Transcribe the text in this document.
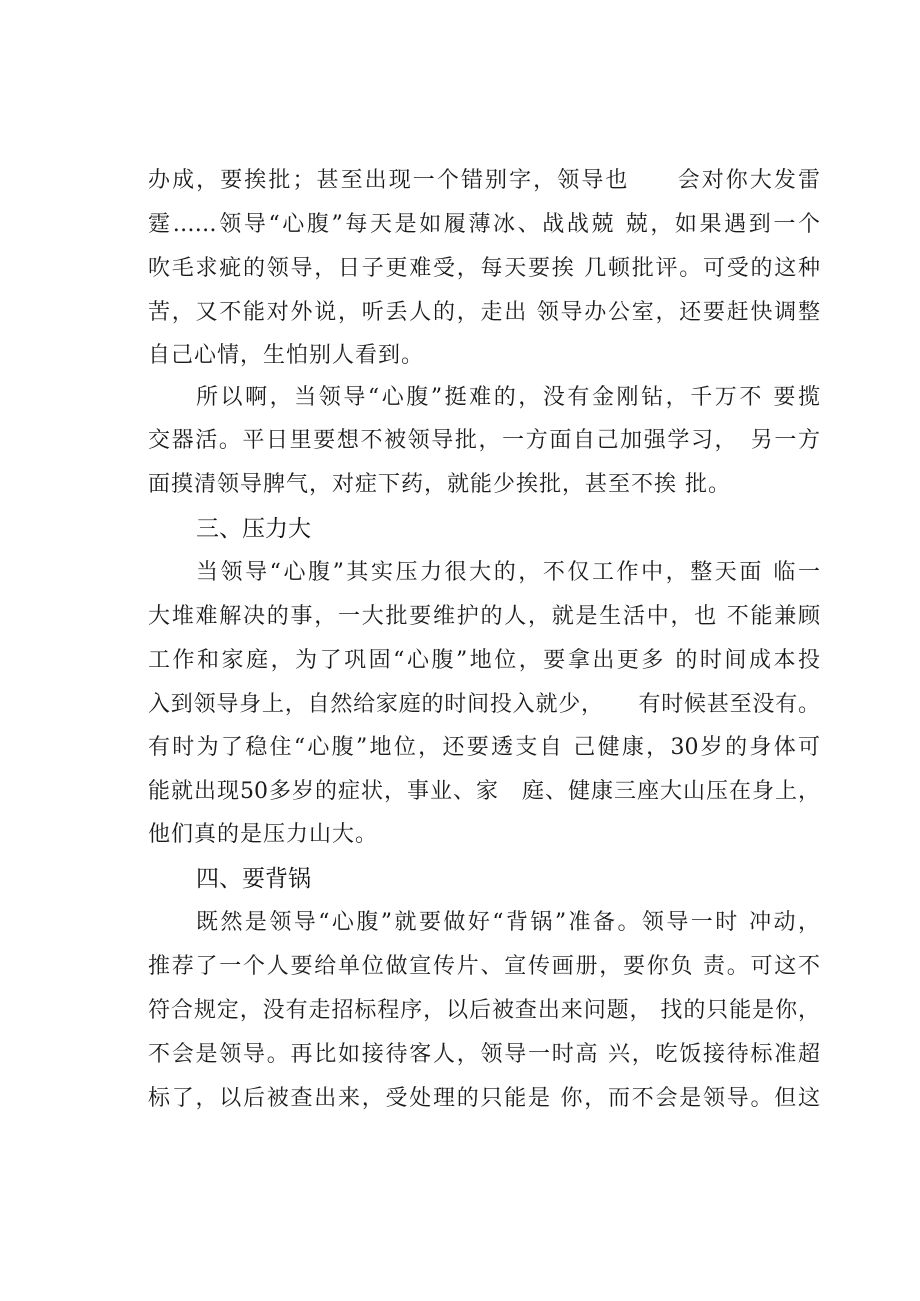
办成，要挨批；甚至出现一个错别字，领导也　　会对你大发雷
霆……领导“心腹”每天是如履薄冰、战战兢 兢，如果遇到一个
吹毛求疵的领导，日子更难受，每天要挨 几顿批评。可受的这种
苦，又不能对外说，听丢人的，走出 领导办公室，还要赶快调整
自己心情，生怕别人看到。
所以啊，当领导“心腹”挺难的，没有金刚钻，千万不 要揽
交器活。平日里要想不被领导批，一方面自己加强学习，　另一方
面摸清领导脾气，对症下药，就能少挨批，甚至不挨 批。
三、压力大
当领导“心腹”其实压力很大的，不仅工作中，整天面 临一
大堆难解决的事，一大批要维护的人，就是生活中，也 不能兼顾
工作和家庭，为了巩固“心腹”地位，要拿出更多 的时间成本投
入到领导身上，自然给家庭的时间投入就少，　　有时候甚至没有。
有时为了稳住“心腹”地位，还要透支自 己健康，30岁的身体可
能就出现50多岁的症状，事业、家　庭、健康三座大山压在身上，
他们真的是压力山大。
四、要背锅
既然是领导“心腹”就要做好“背锅”准备。领导一时 冲动，
推荐了一个人要给单位做宣传片、宣传画册，要你负 责。可这不
符合规定，没有走招标程序，以后被查出来问题， 找的只能是你，
不会是领导。再比如接待客人，领导一时高 兴，吃饭接待标准超
标了，以后被查出来，受处理的只能是 你，而不会是领导。但这
